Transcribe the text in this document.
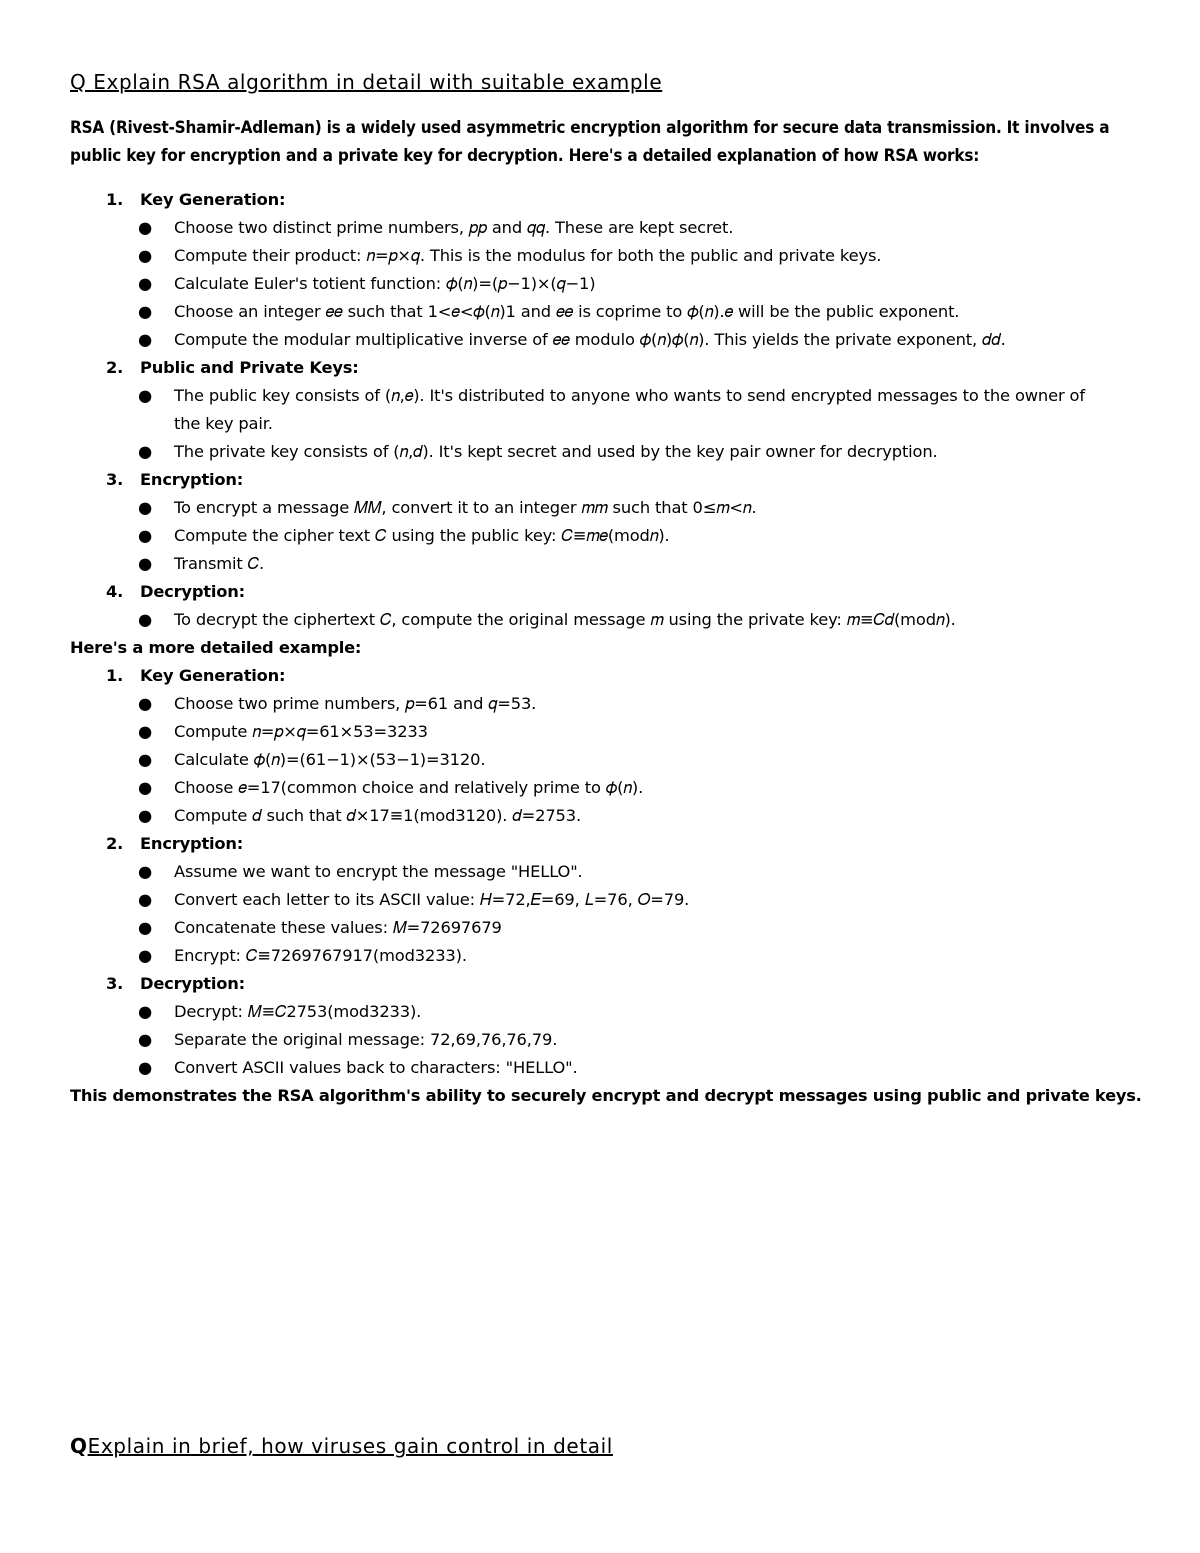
Q Explain RSA algorithm in detail with suitable example
RSA (Rivest-Shamir-Adleman) is a widely used asymmetric encryption algorithm for secure data transmission. It involves a public key for encryption and a private key for decryption. Here's a detailed explanation of how RSA works:
1. Key Generation:
● Choose two distinct prime numbers, 𝑝𝑝 and 𝑞𝑞. These are kept secret.
● Compute their product: 𝑛=𝑝×𝑞. This is the modulus for both the public and private keys.
● Calculate Euler's totient function: 𝜙(𝑛)=(𝑝−1)×(𝑞−1)
● Choose an integer 𝑒𝑒 such that 1<𝑒<𝜙(𝑛)1 and 𝑒𝑒 is coprime to 𝜙(𝑛).𝑒 will be the public exponent.
● Compute the modular multiplicative inverse of 𝑒𝑒 modulo 𝜙(𝑛)𝜙(𝑛). This yields the private exponent, 𝑑𝑑.
2. Public and Private Keys:
● The public key consists of (𝑛,𝑒). It's distributed to anyone who wants to send encrypted messages to the owner of the key pair.
● The private key consists of (𝑛,𝑑). It's kept secret and used by the key pair owner for decryption.
3. Encryption:
● To encrypt a message 𝑀𝑀, convert it to an integer 𝑚𝑚 such that 0≤𝑚<𝑛.
● Compute the cipher text 𝐶 using the public key: 𝐶≡𝑚𝑒(mod𝑛).
● Transmit 𝐶.
4. Decryption:
● To decrypt the ciphertext 𝐶, compute the original message 𝑚 using the private key: 𝑚≡𝐶𝑑(mod𝑛).
Here's a more detailed example:
1. Key Generation:
● Choose two prime numbers, 𝑝=61 and 𝑞=53.
● Compute 𝑛=𝑝×𝑞=61×53=3233
● Calculate 𝜙(𝑛)=(61−1)×(53−1)=3120.
● Choose 𝑒=17(common choice and relatively prime to 𝜙(𝑛).
● Compute 𝑑 such that 𝑑×17≡1(mod3120). 𝑑=2753.
2. Encryption:
● Assume we want to encrypt the message "HELLO".
● Convert each letter to its ASCII value: 𝐻=72,𝐸=69, 𝐿=76, 𝑂=79.
● Concatenate these values: 𝑀=72697679
● Encrypt: 𝐶≡7269767917(mod3233).
3. Decryption:
● Decrypt: 𝑀≡𝐶2753(mod3233).
● Separate the original message: 72,69,76,76,79.
● Convert ASCII values back to characters: "HELLO".
This demonstrates the RSA algorithm's ability to securely encrypt and decrypt messages using public and private keys.
QExplain in brief, how viruses gain control in detail
